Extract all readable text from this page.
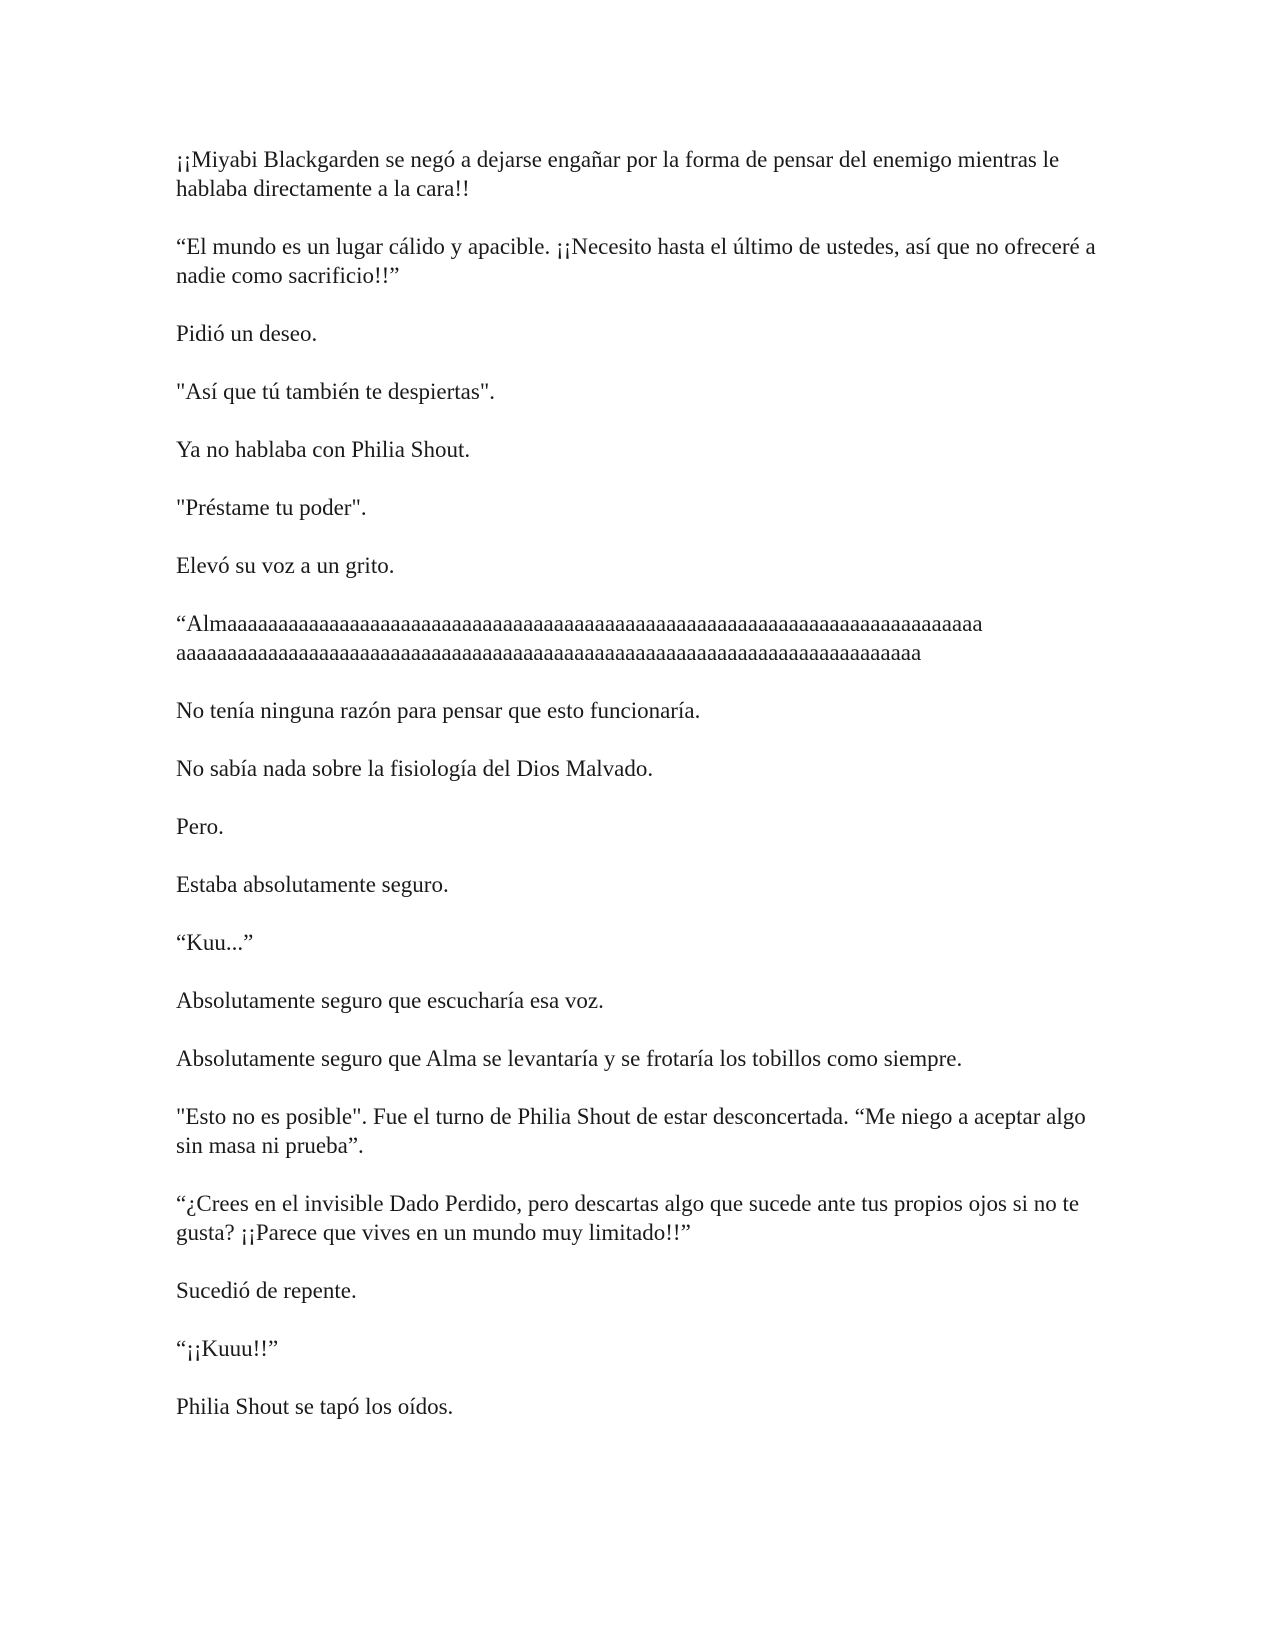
¡¡Miyabi Blackgarden se negó a dejarse engañar por la forma de pensar del enemigo mientras le hablaba directamente a la cara!!

“El mundo es un lugar cálido y apacible. ¡¡Necesito hasta el último de ustedes, así que no ofreceré a nadie como sacrificio!!”

Pidió un deseo.

"Así que tú también te despiertas".

Ya no hablaba con Philia Shout.

"Préstame tu poder".

Elevó su voz a un grito.

“Almaaaaaaaaaaaaaaaaaaaaaaaaaaaaaaaaaaaaaaaaaaaaaaaaaaaaaaaaaaaaaaaaaaaaaaaaaa
aaaaaaaaaaaaaaaaaaaaaaaaaaaaaaaaaaaaaaaaaaaaaaaaaaaaaaaaaaaaaaaaaaaaaaaaa

No tenía ninguna razón para pensar que esto funcionaría.

No sabía nada sobre la fisiología del Dios Malvado.

Pero.

Estaba absolutamente seguro.

“Kuu...”

Absolutamente seguro que escucharía esa voz.

Absolutamente seguro que Alma se levantaría y se frotaría los tobillos como siempre.

"Esto no es posible". Fue el turno de Philia Shout de estar desconcertada. “Me niego a aceptar algo sin masa ni prueba”.

“¿Crees en el invisible Dado Perdido, pero descartas algo que sucede ante tus propios ojos si no te gusta? ¡¡Parece que vives en un mundo muy limitado!!”

Sucedió de repente.

“¡¡Kuuu!!”

Philia Shout se tapó los oídos.
